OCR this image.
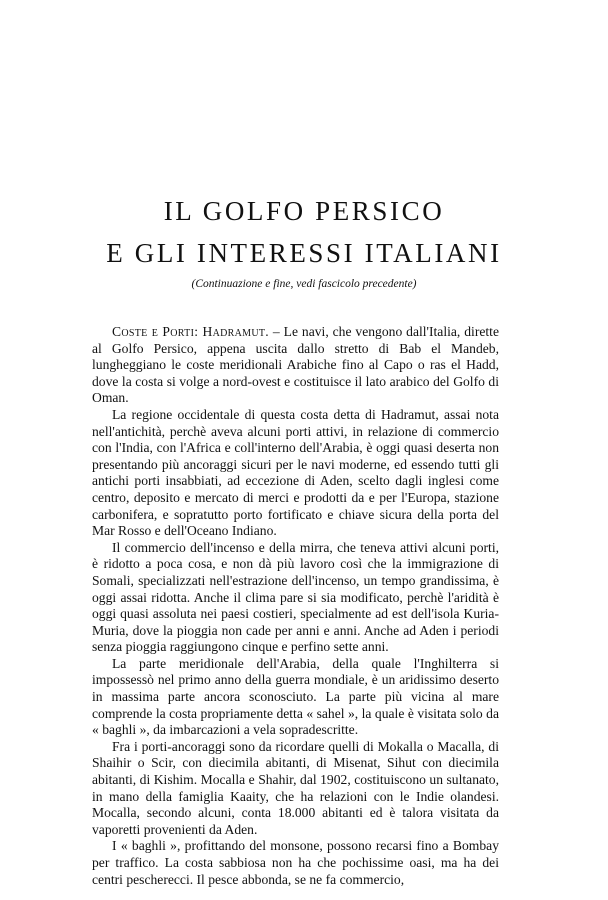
IL GOLFO PERSICO
E GLI INTERESSI ITALIANI

(Continuazione e fine, vedi fascicolo precedente)

Coste e Porti: Hadramut. – Le navi, che vengono dall'Italia, dirette al Golfo Persico, appena uscita dallo stretto di Bab el Mandeb, lungheggiano le coste meridionali Arabiche fino al Capo o ras el Hadd, dove la costa si volge a nord-ovest e costituisce il lato arabico del Golfo di Oman.

La regione occidentale di questa costa detta di Hadramut, assai nota nell'antichità, perchè aveva alcuni porti attivi, in relazione di commercio con l'India, con l'Africa e coll'interno dell'Arabia, è oggi quasi deserta non presentando più ancoraggi sicuri per le navi moderne, ed essendo tutti gli antichi porti insabbiati, ad eccezione di Aden, scelto dagli inglesi come centro, deposito e mercato di merci e prodotti da e per l'Europa, stazione carbonifera, e sopratutto porto fortificato e chiave sicura della porta del Mar Rosso e dell'Oceano Indiano.

Il commercio dell'incenso e della mirra, che teneva attivi alcuni porti, è ridotto a poca cosa, e non dà più lavoro così che la immigrazione di Somali, specializzati nell'estrazione dell'incenso, un tempo grandissima, è oggi assai ridotta. Anche il clima pare si sia modificato, perchè l'aridità è oggi quasi assoluta nei paesi costieri, specialmente ad est dell'isola Kuria-Muria, dove la pioggia non cade per anni e anni. Anche ad Aden i periodi senza pioggia raggiungono cinque e perfino sette anni.

La parte meridionale dell'Arabia, della quale l'Inghilterra si impossessò nel primo anno della guerra mondiale, è un aridissimo deserto in massima parte ancora sconosciuto. La parte più vicina al mare comprende la costa propriamente detta « sahel », la quale è visitata solo da « baghli », da imbarcazioni a vela sopradescritte.

Fra i porti-ancoraggi sono da ricordare quelli di Mokalla o Macalla, di Shaihir o Scir, con diecimila abitanti, di Misenat, Sihut con diecimila abitanti, di Kishim. Mocalla e Shahir, dal 1902, costituiscono un sultanato, in mano della famiglia Kaaity, che ha relazioni con le Indie olandesi. Mocalla, secondo alcuni, conta 18.000 abitanti ed è talora visitata da vaporetti provenienti da Aden.

I « baghli », profittando del monsone, possono recarsi fino a Bombay per traffico. La costa sabbiosa non ha che pochissime oasi, ma ha dei centri pescherecci. Il pesce abbonda, se ne fa commercio,
